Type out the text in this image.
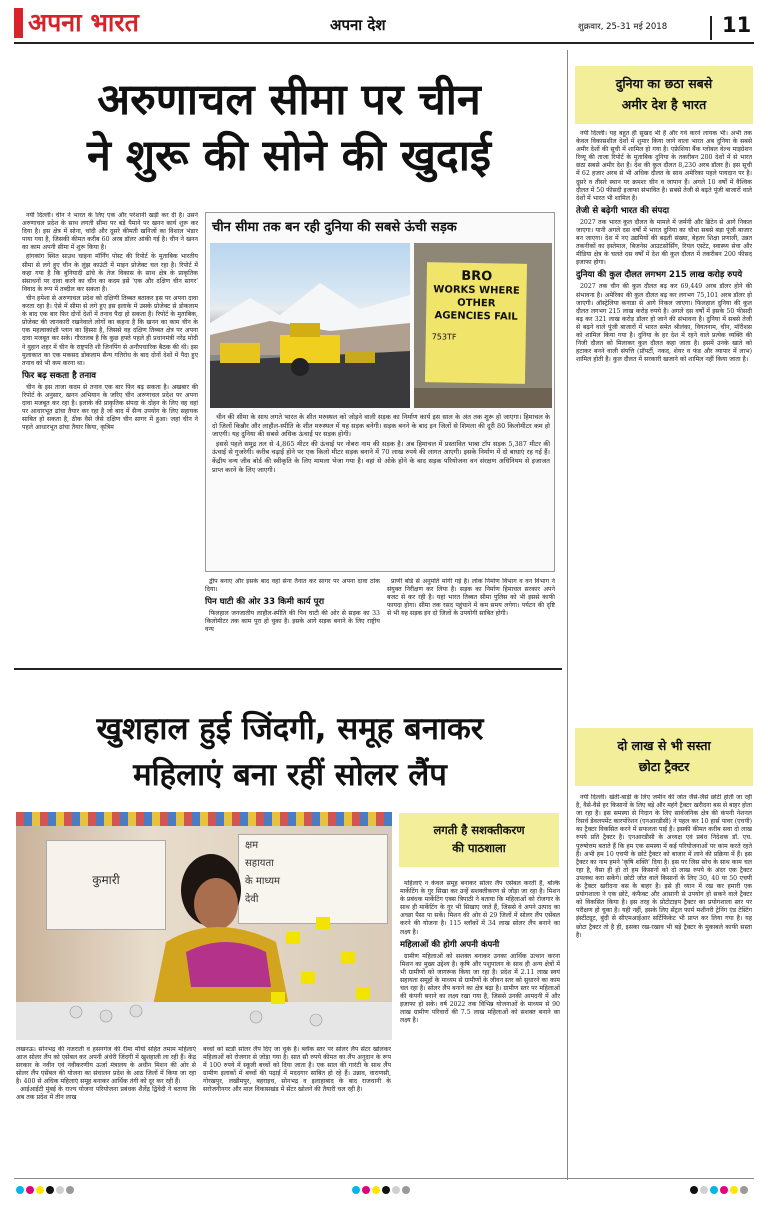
अपना भारत	अपना देश	शुक्रवार, 25-31 मई 2018	11
अरुणाचल सीमा पर चीन
ने शुरू की सोने की खुदाई

नयी दिल्ली। चीन ने भारत के लिए एक और परेशानी खड़ी कर दी है। उसने अरुणाचल प्रदेश के साथ लगती सीमा पर बड़े पैमाने पर खनन कार्य शुरू कर दिया है। इस क्षेत्र में सोना, चांदी और दूसरे कीमती खनिजों का विशाल भंडार पाया गया है, जिसकी कीमत करीब 60 अरब डॉलर आंकी गई है। चीन ने खनन का काम अपनी सीमा में शुरू किया है।

हांगकांग स्थित साउथ चाइना मॉर्निंग पोस्ट की रिपोर्ट के मुताबिक भारतीय सीमा से लगे हुए चीन के लुंझ काउंटी में माइन प्रोजेक्ट चल रहा है। रिपोर्ट में कहा गया है कि बुनियादी ढांचे के तेज विकास के साथ क्षेत्र के प्राकृतिक संसाधनों पर दावा करने का चीन का कदम इसे 'एक और दक्षिण चीन सागर' विवाद के रूप में तब्दील कर सकता है।

चीन हमेशा से अरुणाचल प्रदेश को दक्षिणी तिब्बत बताकर इस पर अपना दावा करता रहा है। ऐसे में सीमा से लगे हुए इस इलाके में उसके प्रोजेक्ट से डोकलाम के बाद एक बार फिर दोनों देशों में तनाव पैदा हो सकता है। रिपोर्ट के मुताबिक, प्रोजेक्ट की जानकारी रखनेवाले लोगों का कहना है कि खनन का काम चीन के एक महत्वाकांक्षी प्लान का हिस्सा है, जिससे वह दक्षिण तिब्बत क्षेत्र पर अपना दावा मजबूत कर सके। गौरतलब है कि कुछ हफ्ते पहले ही प्रधानमंत्री नरेंद्र मोदी ने वुहान शहर में चीन के राष्ट्रपति शी जिनपिंग से अनौपचारिक बैठक की थी। इस मुलाकात का एक मकसद डोकलाम सैन्य गतिरोध के बाद दोनों देशों में पैदा हुए तनाव को भी कम करना था।

फिर बढ़ सकता है तनाव

चीन के इस ताजा कदम से तनाव एक बार फिर बढ़ सकता है। अखबार की रिपोर्ट के अनुसार, खनन अभियान के जरिए चीन अरुणाचल प्रदेश पर अपना दावा मजबूत कर रहा है। इलाके की प्राकृतिक संपदा के दोहन के लिए वह वहां पर आधारभूत ढांचा तैयार कर रहा है जो बाद में सैन्य उपयोग के लिए सहायक साबित हो सकता है, ठीक वैसे जैसे दक्षिण चीन सागर में हुआ। जहां चीन ने पहले आधारभूत ढांचा तैयार किया, कृत्रिम

चीन सीमा तक बन रही दुनिया की सबसे ऊंची सड़क
BRO
WORKS WHERE OTHER
AGENCIES FAIL
753TF

चीन की सीमा के साथ लगते भारत के शीत मरुस्थल को जोड़ने वाली सड़क का निर्माण कार्य इस साल के अंत तक शुरू हो जाएगा। हिमाचल के दो जिलों किन्नौर और लाहौल-स्पीति के शीत मरुस्थल में यह सड़क बनेगी। सड़क बनने के बाद इन जिलों से शिमला की दूरी 80 किलोमीटर कम हो जाएगी। यह दुनिया की सबसे अधिक ऊंचाई पर सड़क होगी।

इससे पहले समुद्र तल से 4,865 मीटर की ऊंचाई पर नोबरा नाम की सड़क है। अब हिमाचल में प्रस्तावित भाबा टॉप सड़क 5,387 मीटर की ऊंचाई से गुजरेगी। करीब चढ़ाई होने पर एक किलो मीटर सड़क बनाने में 70 लाख रुपये की लागत आएगी। इसके निर्माण में दो बाधाएं रह गई हैं। केंद्रीय वन्य जीव बोर्ड की स्वीकृति के लिए मामला भेजा गया है। वहां से ओके होने के बाद सड़क परियोजना वन संरक्षण अधिनियम से इजाजत प्राप्त करने के लिए जाएगी।

द्वीप बनाए और इसके बाद वहां सेना तैनात कर सागर पर अपना दावा ठोक दिया।

पिन घाटी की ओर 33 किमी कार्य पूरा

फिलहाल जनजातीय लाहौल-स्पीति की पिन घाटी की ओर से सड़क का 33 किलोमीटर तक काम पूरा हो चुका है। इसके आगे सड़क बनाने के लिए राष्ट्रीय वन्य

प्राणी बोर्ड से अनुमति मांगी गई है। लोक निर्माण विभाग व वन विभाग ने संयुक्त निरीक्षण कर लिया है। सड़क का निर्माण हिमाचल सरकार अपने बजट से कर रही है। यहां भारत तिब्बत सीमा पुलिस को भी इससे काफी फायदा होगा। सीमा तक रसद पहुंचाने में कम समय लगेगा। पर्यटन की दृष्टि से भी यह सड़क इन दो जिलों के उपयोगी साबित होगी।

खुशहाल हुई जिंदगी, समूह बनाकर
महिलाएं बना रहीं सोलर लैंप
कुमारी
क्षम
सहायता
के माध्यम
देवी

लखनऊ। सोनभद्र की नजराती व हसनगंज की रीमा मौर्या सहित तमाम महिलाएं आज सोलर लैंप को एसेंबल कर अपनी अंधेरी जिंदगी में खुशहाली ला रही हैं। केंद्र सरकार के नवीन एवं नवीकरणीय ऊर्जा मंत्रालय के अधीन मिशन की ओर से सोलर लैंप एसेंबल की योजना का संचालन प्रदेश के आठ जिलों में किया जा रहा है। 400 से अधिक महिलाएं समूह बनाकर आर्थिक तंगी को दूर कर रही हैं।

आईआईटी मुंबई के राज्य योजना परियोजना प्रबंधक शैलेंद्र द्विवेदी ने बताया कि अब तक प्रदेश में तीन लाख

बच्चों को स्टडी सोलर लैंप दिए जा चुके हैं। ब्लॉक स्तर पर सोलर लैंप सेंटर खोलकर महिलाओं को रोजगार से जोड़ा गया है। सात सौ रुपये कीमत का लैंप अनुदान के रूप में 100 रुपये में स्कूली बच्चों को दिया जाता है। एक साल की गारंटी के साथ लैंप ग्रामीण इलाकों में बच्चों की पढ़ाई में मददगार साबित हो रहे हैं। उन्नाव, वाराणसी, गोरखपुर, लखीमपुर, बहराइच, सोनभद्र व इलाहाबाद के बाद राजधानी के सरोजनीनगर और माल विकासखंड में सेंटर खोलने की तैयारी चल रही है।

लगती है सशक्तीकरण
की पाठशाला

महिलाएं न केवल समूह बनाकर सोलर लैंप एसेंबल करती हैं, बल्कि मार्केटिंग के गुर सिखा कर उन्हें सशक्तीकरण से जोड़ा जा रहा है। मिशन के प्रबंधक मार्केटिंग एक्स त्रिपाठी ने बताया कि महिलाओं को रोजगार के साथ ही मार्केटिंग के गुर भी सिखाए जाते हैं, जिससे वे अपने उत्पाद का अच्छा पैसा पा सकें। मिशन की ओर से 29 जिलों में सोलर लैंप एसेंबल करने की योजना है। 115 ब्लॉकों में 34 लाख सोलर लैंप बनाने का लक्ष्य है।

महिलाओं की होगी अपनी कंपनी

ग्रामीण महिलाओं को सशक्त बनाकर उनका आर्थिक उत्थान करना मिशन का मुख्य उद्देश्य है। कृषि और पशुपालन के साथ ही अन्य क्षेत्रों में भी ग्रामीणों को जागरूक किया जा रहा है। प्रदेश में 2.11 लाख स्वयं सहायता समूहों के माध्यम से ग्रामीणों के जीवन स्तर को सुधारने का काम चल रहा है। सोलर लैंप बनाने का क्षेत्र बढ़ा है। ग्रामीण स्तर पर महिलाओं की कंपनी बनाने का लक्ष्य रखा गया है, जिससे उनकी आमदनी में और इजाफा हो सके। वर्ष 2022 तक विभिन्न योजनाओं के माध्यम से 90 लाख ग्रामीण परिवारों की 7.5 लाख महिलाओं को सशक्त बनाने का लक्ष्य है।

दुनिया का छठा सबसे
अमीर देश है भारत

नयी दिल्ली। यह बहुत ही सुखद भी है और गर्व करने लायक भी। अभी तक केवल विकासशील देशों में शुमार किया जाने वाला भारत अब दुनिया के सबसे अमीर देशों की सूची में शामिल हो गया है। एफ्रेशिया बैंक ग्लोबल वेल्थ माइग्रेशन रिव्यू की ताजा रिपोर्ट के मुताबिक दुनिया के तकरीबन 200 देशों में से भारत छठा सबसे अमीर देश है। देश की कुल दौलत 8,230 अरब डॉलर है। इस सूची में 62 हजार अरब से भी अधिक दौलत के साथ अमेरिका पहले पायदान पर है। दूसरे व तीसरे स्थान पर क्रमशः चीन व जापान हैं। अगले 10 वर्षों में वैश्विक दौलत में 50 फीसदी इजाफा संभावित है। सबसे तेजी से बढ़ते पूंजी बाजारों वाले देशों में भारत भी शामिल है।

तेजी से बढ़ेगी भारत की संपदा

2027 तक भारत कुल दौलत के मामले में जर्मनी और ब्रिटेन से आगे निकल जाएगा। यानी अगले दस वर्षों में भारत दुनिया का चौथा सबसे बड़ा पूंजी बाजार बन जाएगा। देश में नए उद्यमियों की बढ़ती संख्या, बेहतर शिक्षा प्रणाली, उन्नत तकनीकों का इस्तेमाल, बिजनेस आउटसोर्सिंग, रियल एस्टेट, स्वास्थ्य सेवा और मीडिया क्षेत्र के चलते दस वर्षों में देश की कुल दौलत में तकरीबन 200 फीसद इजाफा होगा।

दुनिया की कुल दौलत लगभग 215 लाख करोड़ रुपये

2027 तक चीन की कुल दौलत बढ़ कर 69,449 अरब डॉलर होने की संभावना है। अमेरिका की कुल दौलत बढ़ कर लगभग 75,101 अरब डॉलर हो जाएगी। ऑस्ट्रेलिया कनाडा से आगे निकल जाएगा। फिलहाल दुनिया की कुल दौलत लगभग 215 लाख करोड़ रुपये है। अगले दस वर्षों में इसके 50 फीसदी बढ़ कर 321 लाख करोड़ डॉलर हो जाने की संभावना है। दुनिया में सबसे तेजी से बढ़ने वाले पूंजी बाजारों में भारत समेत श्रीलंका, वियतनाम, चीन, मॉरीशस को शामिल किया गया है। दुनिया के हर देश में रहने वाले प्रत्येक व्यक्ति की निजी दौलत को मिलाकर कुल दौलत कहा जाता है। इसमें उनके खाते को हटाकर बनने वाली संपत्ति (प्रॉपर्टी, नकद, शेयर व फंड और व्यापार में लाभ) शामिल होती है। कुल दौलत में सरकारी खजाने को शामिल नहीं किया जाता है।

दो लाख से भी सस्ता
छोटा ट्रैक्टर

नयी दिल्ली। खेती-बाड़ी के लिए जमीन की जोत जैसे-जैसे छोटी होती जा रही है, वैसे-वैसे हर किसानों के लिए बड़े और महंगे ट्रैक्टर खरीदना बस से बाहर होता जा रहा है। इस समस्या से निदान के लिए सार्वजनिक क्षेत्र की कंपनी नेशनल रिसर्च डेवलपमेंट कारपोरेशन (एनआरडीसी) ने पहल कर 10 हार्स पावर (एचपी) का ट्रैक्टर विकसित करने में सफलता पाई है। इसकी कीमत करीब सवा दो लाख रुपये प्रति ट्रैक्टर है। एनआरडीसी के अध्यक्ष एवं प्रबंध निदेशक डॉ. एच. पुरुषोत्तम बताते हैं कि हम एक समस्या में कई परियोजनाओं पर काम करते रहते हैं। अभी हम 10 एचपी के छोटे ट्रैक्टर को बाजार में लाने की प्रक्रिया में हैं। इस ट्रैक्टर का नाम हमने 'कृषि शक्ति' दिया है। इस पर जिस सोच के साथ काम चल रहा है, वैसा ही हो तो हम किसानों को दो लाख रुपये के अंदर एक ट्रैक्टर उपलब्ध करा सकेंगे। छोटी जोत वाले किसानों के लिए 30, 40 या 50 एचपी के ट्रैक्टर खरीदना बस के बाहर है। इसे ही ध्यान में रख कर हमारी एक प्रयोगशाला ने एक छोटे, कंफैक्ट और आसानी से उपयोग हो सकने वाले ट्रैक्टर को विकसित किया है। इस तरह के प्रोटोटाइप ट्रैक्टर का प्रयोगशाला स्तर पर परीक्षण हो चुका है। यही नहीं, इसके लिए सेंट्रल फार्म मशीनरी ट्रेनिंग एंड टेस्टिंग इंस्टीट्यूट, बुंदी से सीएमआईआर सर्टिफिकेट भी प्राप्त कर लिया गया है। यह छोटा ट्रैक्टर तो है ही, इसका रख-रखाव भी बड़े ट्रैक्टर के मुकाबले काफी सस्ता है।
